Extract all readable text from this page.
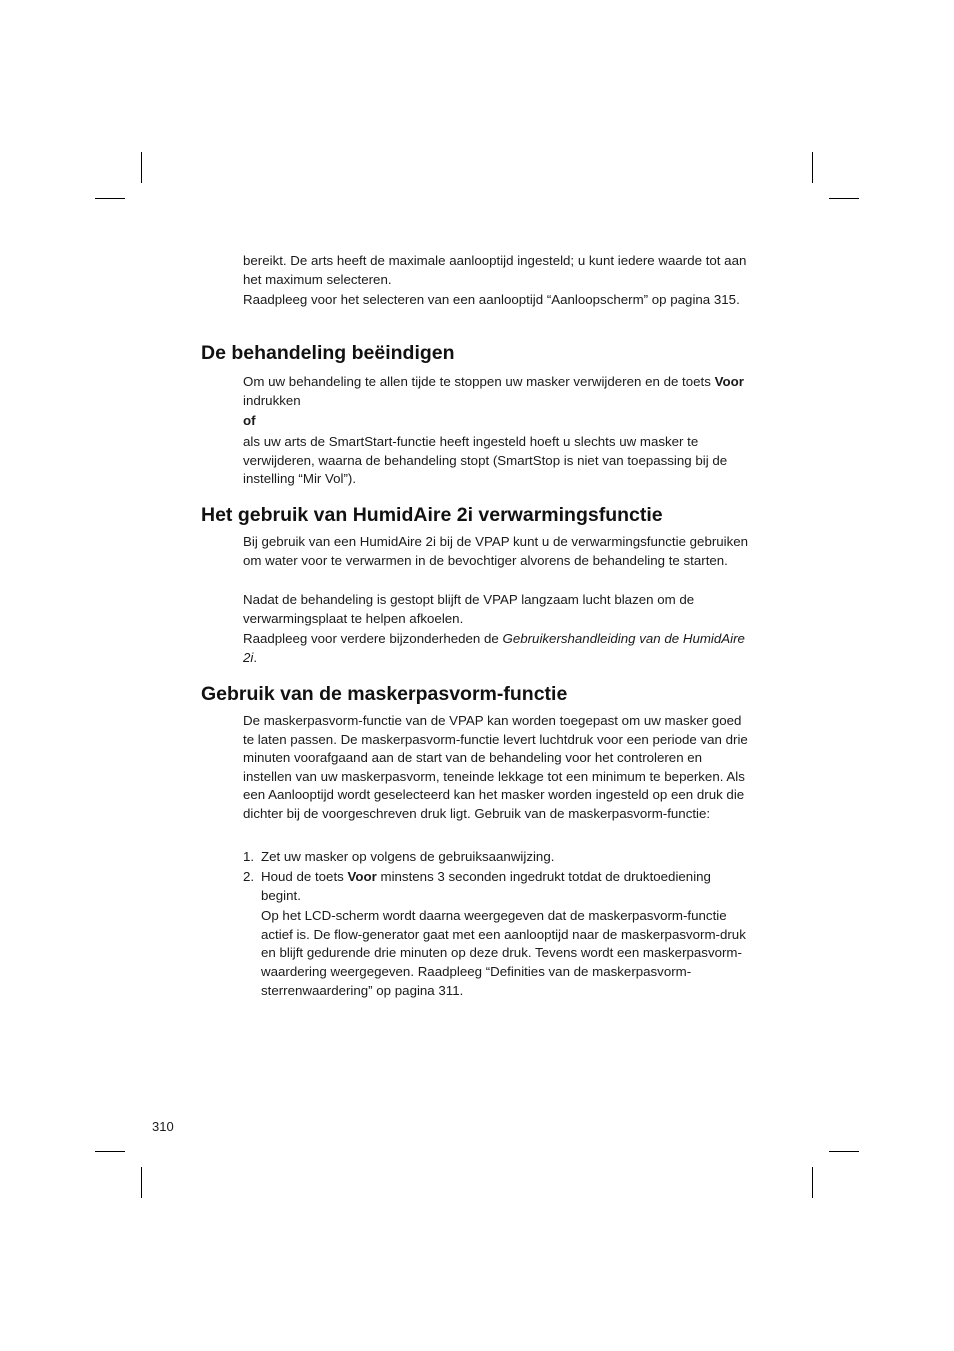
bereikt. De arts heeft de maximale aanlooptijd ingesteld; u kunt iedere waarde tot aan het maximum selecteren.

Raadpleeg voor het selecteren van een aanlooptijd “Aanloopscherm” op pagina 315.

De behandeling beëindigen

Om uw behandeling te allen tijde te stoppen uw masker verwijderen en de toets Voor indrukken

of

als uw arts de SmartStart-functie heeft ingesteld hoeft u slechts uw masker te verwijderen, waarna de behandeling stopt (SmartStop is niet van toepassing bij de instelling “Mir Vol”).

Het gebruik van HumidAire 2i verwarmingsfunctie

Bij gebruik van een HumidAire 2i bij de VPAP kunt u de verwarmingsfunctie gebruiken om water voor te verwarmen in de bevochtiger alvorens de behandeling te starten.

Nadat de behandeling is gestopt blijft de VPAP langzaam lucht blazen om de verwarmingsplaat te helpen afkoelen.

Raadpleeg voor verdere bijzonderheden de Gebruikershandleiding van de HumidAire 2i.

Gebruik van de maskerpasvorm-functie

De maskerpasvorm-functie van de VPAP kan worden toegepast om uw masker goed te laten passen. De maskerpasvorm-functie levert luchtdruk voor een periode van drie minuten voorafgaand aan de start van de behandeling voor het controleren en instellen van uw maskerpasvorm, teneinde lekkage tot een minimum te beperken. Als een Aanlooptijd wordt geselecteerd kan het masker worden ingesteld op een druk die dichter bij de voorgeschreven druk ligt. Gebruik van de maskerpasvorm-functie:

1. Zet uw masker op volgens de gebruiksaanwijzing.
2. Houd de toets Voor minstens 3 seconden ingedrukt totdat de druktoediening begint.
Op het LCD-scherm wordt daarna weergegeven dat de maskerpasvorm-functie actief is. De flow-generator gaat met een aanlooptijd naar de maskerpasvorm-druk en blijft gedurende drie minuten op deze druk. Tevens wordt een maskerpasvorm-waardering weergegeven. Raadpleeg “Definities van de maskerpasvorm-sterrenwaardering” op pagina 311.
310
